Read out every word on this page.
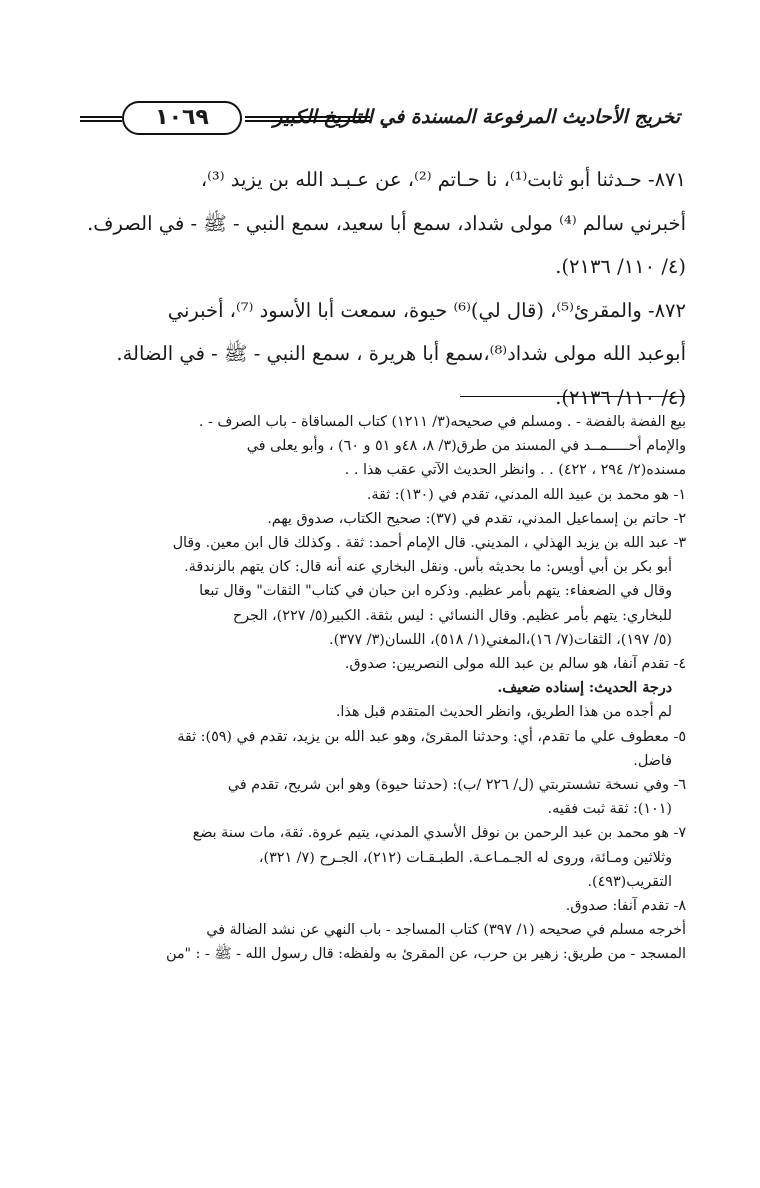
تخريج الأحاديث المرفوعة المسندة في التاريخ الكبير
١٠٦٩

٨٧١- حـدثنا أبو ثابت⁽¹⁾، نا حـاتم ⁽²⁾، عن عـبـد الله بن يزيد ⁽³⁾،

أخبرني سالم ⁽⁴⁾ مولى شداد، سمع أبا سعيد، سمع النبي - ﷺ - في الصرف.

(٤/ ١١٠/ ٢١٣٦).

٨٧٢- والمقرئ⁽⁵⁾، (قال لي)⁽⁶⁾ حيوة، سمعت أبا الأسود ⁽⁷⁾، أخبرني

أبوعبد الله مولى شداد⁽⁸⁾،سمع أبا هريرة ، سمع النبي - ﷺ - في الضالة.

(٤/ ١١٠/ ٢١٣٦).

بيع الفضة بالفضة - . ومسلم في صحيحه(٣/ ١٢١١) كتاب المساقاة - باب الصرف - .

والإمام أحـــــمــد في المسند من طرق(٣/ ٨، ٤٨و ٥١ و ٦٠) ، وأبو يعلى في

مسنده(٢/ ٢٩٤ ، ٤٢٢) . . وانظر الحديث الآتي عقب هذا . .

١- هو محمد بن عبيد الله المدني، تقدم في (١٣٠): ثقة.

٢- حاتم بن إسماعيل المدني، تقدم في (٣٧): صحيح الكتاب، صدوق يهم.

٣- عبد الله بن يزيد الهذلي ، المديني. قال الإمام أحمد: ثقة . وكذلك قال ابن معين. وقال

أبو بكر بن أبي أويس: ما بحديثه بأس. ونقل البخاري عنه أنه قال: كان يتهم بالزندقة.

وقال في الضعفاء: يتهم بأمر عظيم. وذكره ابن حبان في كتاب" الثقات" وقال تبعا

للبخاري: يتهم بأمر عظيم. وقال النسائي : ليس بثقة. الكبير(٥/ ٢٢٧)، الجرح

(٥/ ١٩٧)، الثقات(٧/ ١٦)،المغني(١/ ٥١٨)، اللسان(٣/ ٣٧٧).

٤- تقدم آنفا، هو سالم بن عبد الله مولى النصريين: صدوق.

درجة الحديث: إسناده ضعيف.

لم أجده من هذا الطريق، وانظر الحديث المتقدم قبل هذا.

٥- معطوف علي ما تقدم، أي: وحدثنا المقرئ، وهو عبد الله بن يزيد، تقدم في (٥٩): ثقة

فاضل.

٦- وفي نسخة تشستربتي (ل/ ٢٢٦ /ب): (حدثنا حيوة) وهو ابن شريح، تقدم في

(١٠١): ثقة ثبت فقيه.

٧- هو محمد بن عبد الرحمن بن نوفل الأسدي المدني، يتيم عروة. ثقة، مات سنة بضع

وثلاثين ومـائة، وروى له الجـمـاعـة. الطبـقـات (٢١٢)، الجـرح (٧/ ٣٢١)،

التقريب(٤٩٣).

٨- تقدم آنفا: صدوق.

أخرجه مسلم في صحيحه (١/ ٣٩٧) كتاب المساجد - باب النهي عن نشد الضالة في

المسجد - من طريق: زهير بن حرب، عن المقرئ به ولفظه: قال رسول الله - ﷺ - : "من
